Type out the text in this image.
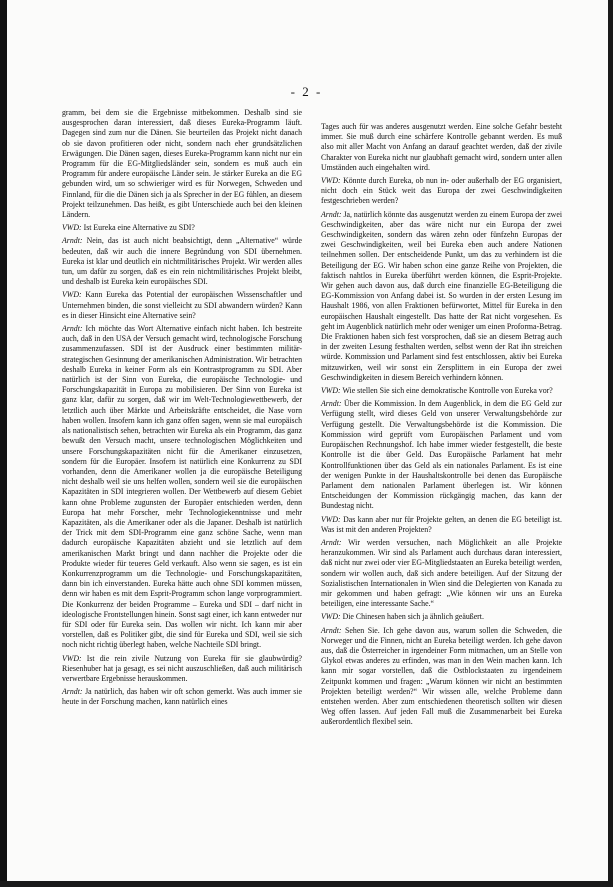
- 2 -

gramm, bei dem sie die Ergebnisse mitbekommen. Deshalb sind sie ausgesprochen daran interessiert, daß dieses Eureka-Programm läuft. Dagegen sind zum nur die Dänen. Sie beurteilen das Projekt nicht danach ob sie davon profitieren oder nicht, sondern nach eher grundsätzlichen Erwägungen. Die Dänen sagen, dieses Eureka-Programm kann nicht nur ein Programm für die EG-Mitgliedsländer sein, sondern es muß auch ein Programm für andere europäische Länder sein. Je stärker Eureka an die EG gebunden wird, um so schwieriger wird es für Norwegen, Schweden und Finnland, für die die Dänen sich ja als Sprecher in der EG fühlen, an diesem Projekt teilzunehmen. Das heißt, es gibt Unterschiede auch bei den kleinen Ländern.

VWD: Ist Eureka eine Alternative zu SDI?

Arndt: Nein, das ist auch nicht beabsichtigt, denn „Alternative“ würde bedeuten, daß wir auch die innere Begründung von SDI übernehmen. Eureka ist klar und deutlich ein nichtmilitärisches Projekt. Wir werden alles tun, um dafür zu sorgen, daß es ein rein nichtmilitärisches Projekt bleibt, und deshalb ist Eureka kein europäisches SDI.

VWD: Kann Eureka das Potential der europäischen Wissenschaftler und Unternehmen binden, die sonst vielleicht zu SDI abwandern würden? Kann es in dieser Hinsicht eine Alternative sein?

Arndt: Ich möchte das Wort Alternative einfach nicht haben. Ich bestreite auch, daß in den USA der Versuch gemacht wird, technologische Forschung zusammenzufassen. SDI ist der Ausdruck einer bestimmten militär-strategischen Gesinnung der amerikanischen Administration. Wir betrachten deshalb Eureka in keiner Form als ein Kontrastprogramm zu SDI. Aber natürlich ist der Sinn von Eureka, die europäische Technologie- und Forschungskapazität in Europa zu mobilisieren. Der Sinn von Eureka ist ganz klar, dafür zu sorgen, daß wir im Welt-Technologiewettbewerb, der letztlich auch über Märkte und Arbeitskräfte entscheidet, die Nase vorn haben wollen. Insofern kann ich ganz offen sagen, wenn sie mal europäisch als nationalistisch sehen, betrachten wir Eureka als ein Programm, das ganz bewußt den Versuch macht, unsere technologischen Möglichkeiten und unsere Forschungskapazitäten nicht für die Amerikaner einzusetzen, sondern für die Europäer. Insofern ist natürlich eine Konkurrenz zu SDI vorhanden, denn die Amerikaner wollen ja die europäische Beteiligung nicht deshalb weil sie uns helfen wollen, sondern weil sie die europäischen Kapazitäten in SDI integrieren wollen. Der Wettbewerb auf diesem Gebiet kann ohne Probleme zugunsten der Europäer entschieden werden, denn Europa hat mehr Forscher, mehr Technologiekenntnisse und mehr Kapazitäten, als die Amerikaner oder als die Japaner. Deshalb ist natürlich der Trick mit dem SDI-Programm eine ganz schöne Sache, wenn man dadurch europäische Kapazitäten abzieht und sie letztlich auf dem amerikanischen Markt bringt und dann nachher die Projekte oder die Produkte wieder für teueres Geld verkauft. Also wenn sie sagen, es ist ein Konkurrenzprogramm um die Technologie- und Forschungskapazitäten, dann bin ich einverstanden. Eureka hätte auch ohne SDI kommen müssen, denn wir haben es mit dem Esprit-Programm schon lange vorprogrammiert. Die Konkurrenz der beiden Programme – Eureka und SDI – darf nicht in ideologische Frontstellungen hinein. Sonst sagt einer, ich kann entweder nur für SDI oder für Eureka sein. Das wollen wir nicht. Ich kann mir aber vorstellen, daß es Politiker gibt, die sind für Eureka und SDI, weil sie sich noch nicht richtig überlegt haben, welche Nachteile SDI bringt.

VWD: Ist die rein zivile Nutzung von Eureka für sie glaubwürdig? Riesenhuber hat ja gesagt, es sei nicht auszuschließen, daß auch militärisch verwertbare Ergebnisse herauskommen.

Arndt: Ja natürlich, das haben wir oft schon gemerkt. Was auch immer sie heute in der Forschung machen, kann natürlich eines

Tages auch für was anderes ausgenutzt werden. Eine solche Gefahr besteht immer. Sie muß durch eine schärfere Kontrolle gebannt werden. Es muß also mit aller Macht von Anfang an darauf geachtet werden, daß der zivile Charakter von Eureka nicht nur glaubhaft gemacht wird, sondern unter allen Umständen auch eingehalten wird.

VWD: Könnte durch Eureka, ob nun in- oder außerhalb der EG organisiert, nicht doch ein Stück weit das Europa der zwei Geschwindigkeiten festgeschrieben werden?

Arndt: Ja, natürlich könnte das ausgenutzt werden zu einem Europa der zwei Geschwindigkeiten, aber das wäre nicht nur ein Europa der zwei Geschwindigkeiten, sondern das wären zehn oder fünfzehn Europas der zwei Geschwindigkeiten, weil bei Eureka eben auch andere Nationen teilnehmen sollen. Der entscheidende Punkt, um das zu verhindern ist die Beteiligung der EG. Wir haben schon eine ganze Reihe von Projekten, die faktisch nahtlos in Eureka überführt werden können, die Esprit-Projekte. Wir gehen auch davon aus, daß durch eine finanzielle EG-Beteiligung die EG-Kommission von Anfang dabei ist. So wurden in der ersten Lesung im Haushalt 1986, von allen Fraktionen befürwortet, Mittel für Eureka in den europäischen Haushalt eingestellt. Das hatte der Rat nicht vorgesehen. Es geht im Augenblick natürlich mehr oder weniger um einen Proforma-Betrag. Die Fraktionen haben sich fest vorsprochen, daß sie an diesem Betrag auch in der zweiten Lesung festhalten werden, selbst wenn der Rat ihn streichen würde. Kommission und Parlament sind fest entschlossen, aktiv bei Eureka mitzuwirken, weil wir sonst ein Zersplittern in ein Europa der zwei Geschwindigkeiten in diesem Bereich verhindern können.

VWD: Wie stellen Sie sich eine demokratische Kontrolle von Eureka vor?

Arndt: Über die Kommission. In dem Augenblick, in dem die EG Geld zur Verfügung stellt, wird dieses Geld von unserer Verwaltungsbehörde zur Verfügung gestellt. Die Verwaltungsbehörde ist die Kommission. Die Kommission wird geprüft vom Europäischen Parlament und vom Europäischen Rechnungshof. Ich habe immer wieder festgestellt, die beste Kontrolle ist die über Geld. Das Europäische Parlament hat mehr Kontrollfunktionen über das Geld als ein nationales Parlament. Es ist eine der wenigen Punkte in der Haushaltskontrolle bei denen das Europäische Parlament dem nationalen Parlament überlegen ist. Wir können Entscheidungen der Kommission rückgängig machen, das kann der Bundestag nicht.

VWD: Das kann aber nur für Projekte gelten, an denen die EG beteiligt ist. Was ist mit den anderen Projekten?

Arndt: Wir werden versuchen, nach Möglichkeit an alle Projekte heranzukommen. Wir sind als Parlament auch durchaus daran interessiert, daß nicht nur zwei oder vier EG-Mitgliedstaaten an Eureka beteiligt werden, sondern wir wollen auch, daß sich andere beteiligen. Auf der Sitzung der Sozialistischen Internationalen in Wien sind die Delegierten von Kanada zu mir gekommen und haben gefragt: „Wie können wir uns an Eureka beteiligen, eine interessante Sache.“

VWD: Die Chinesen haben sich ja ähnlich geäußert.

Arndt: Sehen Sie. Ich gehe davon aus, warum sollen die Schweden, die Norweger und die Finnen, nicht an Eureka beteiligt werden. Ich gehe davon aus, daß die Österreicher in irgendeiner Form mitmachen, um an Stelle von Glykol etwas anderes zu erfinden, was man in den Wein machen kann. Ich kann mir sogar vorstellen, daß die Ostblockstaaten zu irgendeinem Zeitpunkt kommen und fragen: „Warum können wir nicht an bestimmten Projekten beteiligt werden?“ Wir wissen alle, welche Probleme dann entstehen werden. Aber zum entschiedenen theoretisch sollten wir diesen Weg offen lassen. Auf jeden Fall muß die Zusammenarbeit bei Eureka außerordentlich flexibel sein.
